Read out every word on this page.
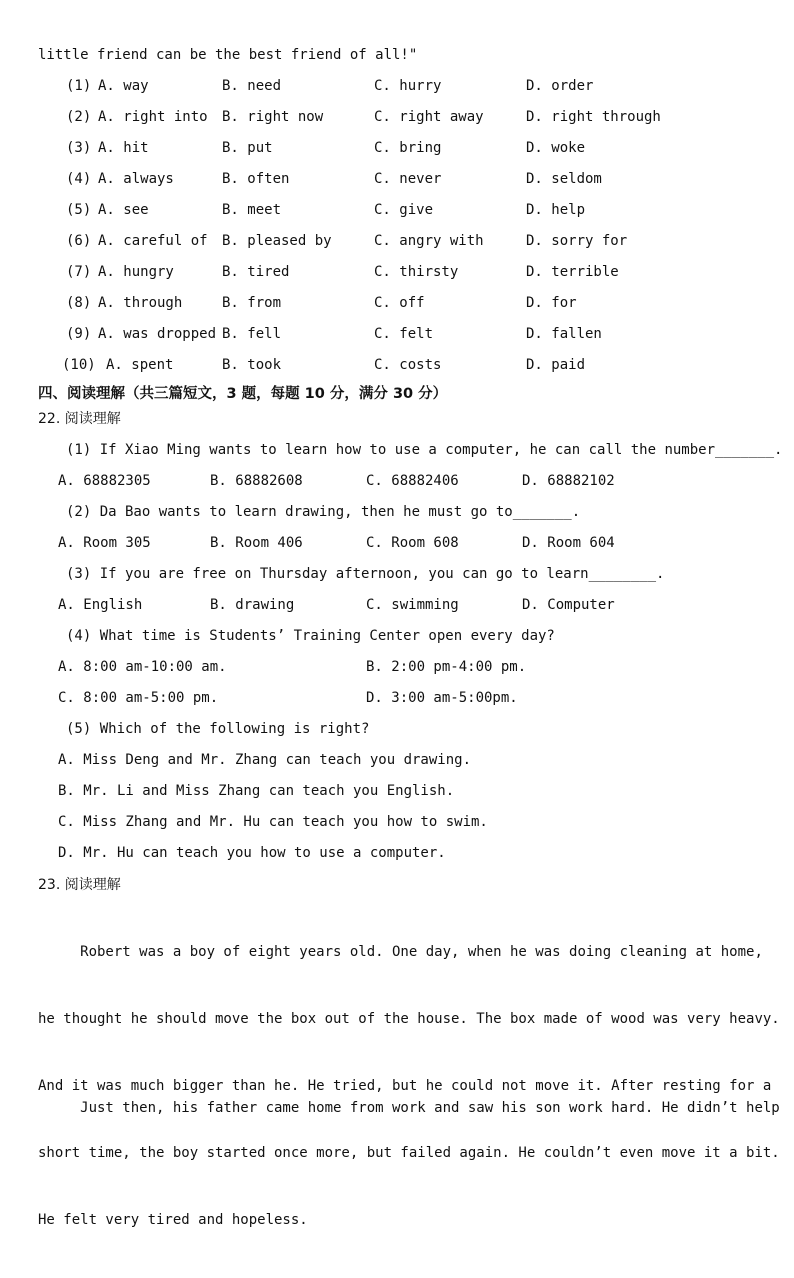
little friend can be the best friend of all!"
(1) A. way	B. need	C. hurry	D. order
(2) A. right into B. right now	C. right away	D. right through
(3) A. hit	B. put	C. bring	D. woke
(4) A. always	B. often	C. never	D. seldom
(5) A. see	B. meet	C. give	D. help
(6) A. careful of B. pleased by	C. angry with	D. sorry for
(7) A. hungry	B. tired	C. thirsty	D. terrible
(8) A. through	B. from	C. off	D. for
(9) A. was dropped B. fell	C. felt	D. fallen
(10) A. spent	B. took	C. costs	D. paid
四、阅读理解（共三篇短文，3 题，每题 10 分，满分 30 分）
22. 阅读理解
(1) If Xiao Ming wants to learn how to use a computer, he can call the number_______.
A. 68882305	B. 68882608	C. 68882406	D. 68882102
(2) Da Bao wants to learn drawing, then he must go to_______.
A. Room 305	B. Room 406	C. Room 608	D. Room 604
(3) If you are free on Thursday afternoon, you can go to learn________.
A. English	B. drawing	C. swimming	D. Computer
(4) What time is Students’ Training Center open every day?
A. 8:00 am-10:00 am.	B. 2:00 pm-4:00 pm.
C. 8:00 am-5:00 pm.	D. 3:00 am-5:00pm.
(5) Which of the following is right?
A. Miss Deng and Mr. Zhang can teach you drawing.
B. Mr. Li and Miss Zhang can teach you English.
C. Miss Zhang and Mr. Hu can teach you how to swim.
D. Mr. Hu can teach you how to use a computer.
23. 阅读理解

Robert was a boy of eight years old. One day, when he was doing cleaning at home,

he thought he should move the box out of the house. The box made of wood was very heavy.

And it was much bigger than he. He tried, but he could not move it. After resting for a

short time, the boy started once more, but failed again. He couldn’t even move it a bit.

He felt very tired and hopeless.

Just then, his father came home from work and saw his son work hard. He didn’t help
